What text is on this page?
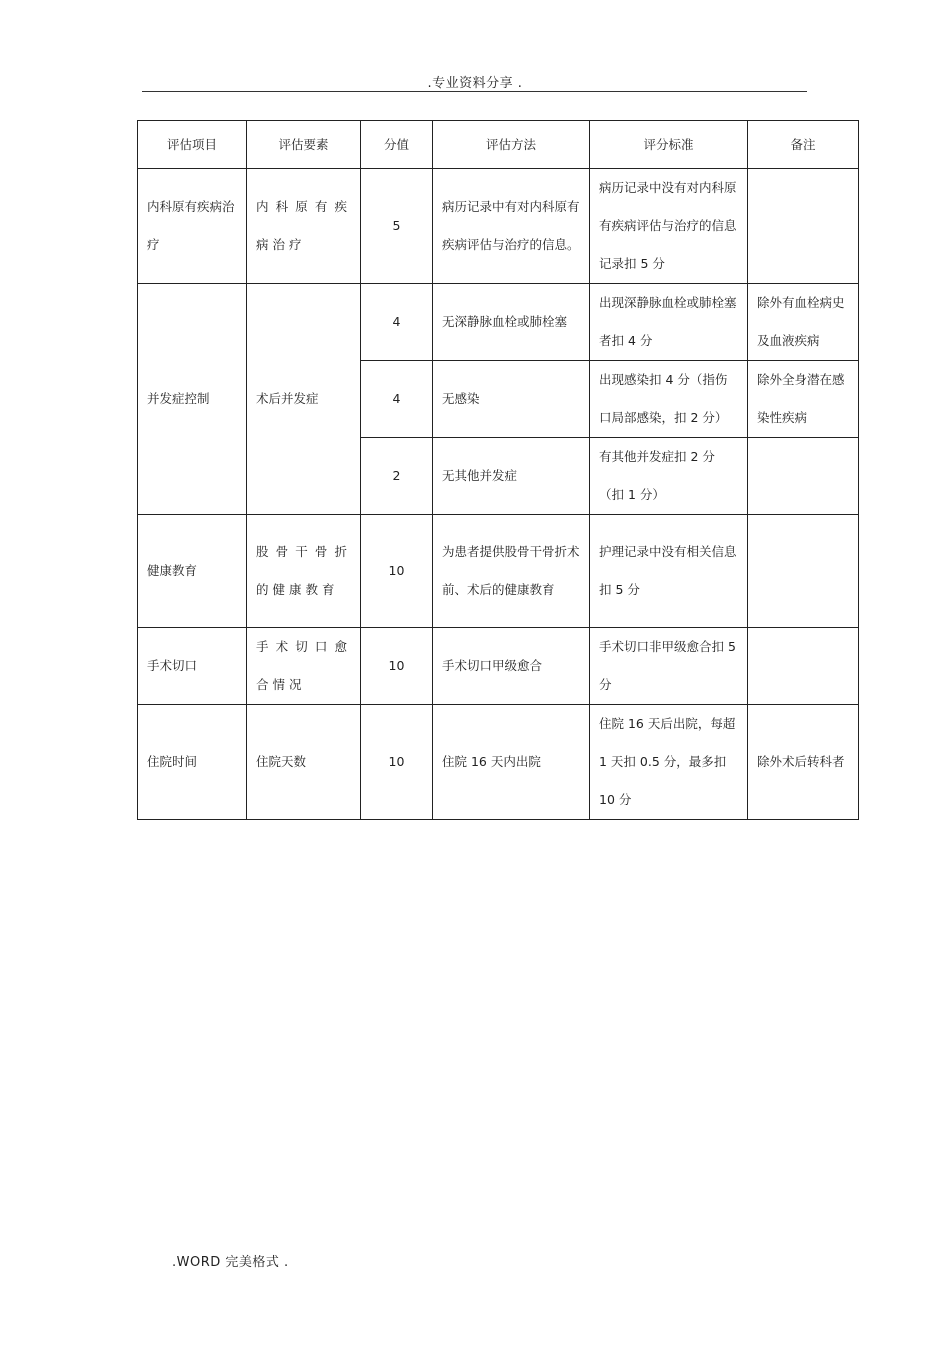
.专业资料分享 .
评估项目	评估要素	分值	评估方法	评分标准	备注
内科原有疾病治疗	内科原有疾病治疗	5	病历记录中有对内科原有疾病评估与治疗的信息。	病历记录中没有对内科原有疾病评估与治疗的信息记录扣 5 分	
并发症控制	术后并发症	4	无深静脉血栓或肺栓塞	出现深静脉血栓或肺栓塞者扣 4 分	除外有血栓病史及血液疾病
		4	无感染	出现感染扣 4 分（指伤口局部感染，扣 2 分）	除外全身潜在感染性疾病
		2	无其他并发症	有其他并发症扣 2 分（扣 1 分）	
健康教育	股骨干骨折的健康教育	10	为患者提供股骨干骨折术前、术后的健康教育	护理记录中没有相关信息扣 5 分	
手术切口	手术切口愈合情况	10	手术切口甲级愈合	手术切口非甲级愈合扣 5 分	
住院时间	住院天数	10	住院 16 天内出院	住院 16 天后出院，每超 1 天扣 0.5 分，最多扣 10 分	除外术后转科者
.WORD 完美格式 .
